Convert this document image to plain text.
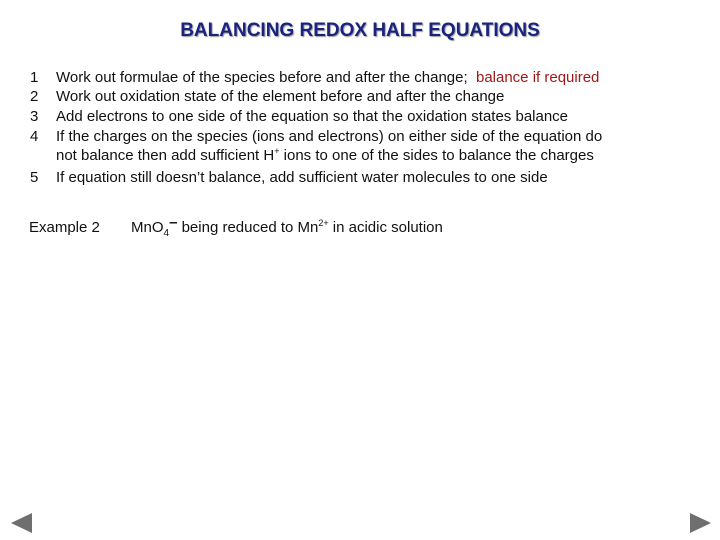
BALANCING REDOX HALF EQUATIONS
1	Work out formulae of the species before and after the change; balance if required
2	Work out oxidation state of the element before and after the change
3	Add electrons to one side of the equation so that the oxidation states balance
4	If the charges on the species (ions and electrons) on either side of the equation do
not balance then add sufficient H+ ions to one of the sides to balance the charges
5	If equation still doesn’t balance, add sufficient water molecules to one side
Example 2 MnO$_4$– being reduced to $Mn^{2+}$ in acidic solution
